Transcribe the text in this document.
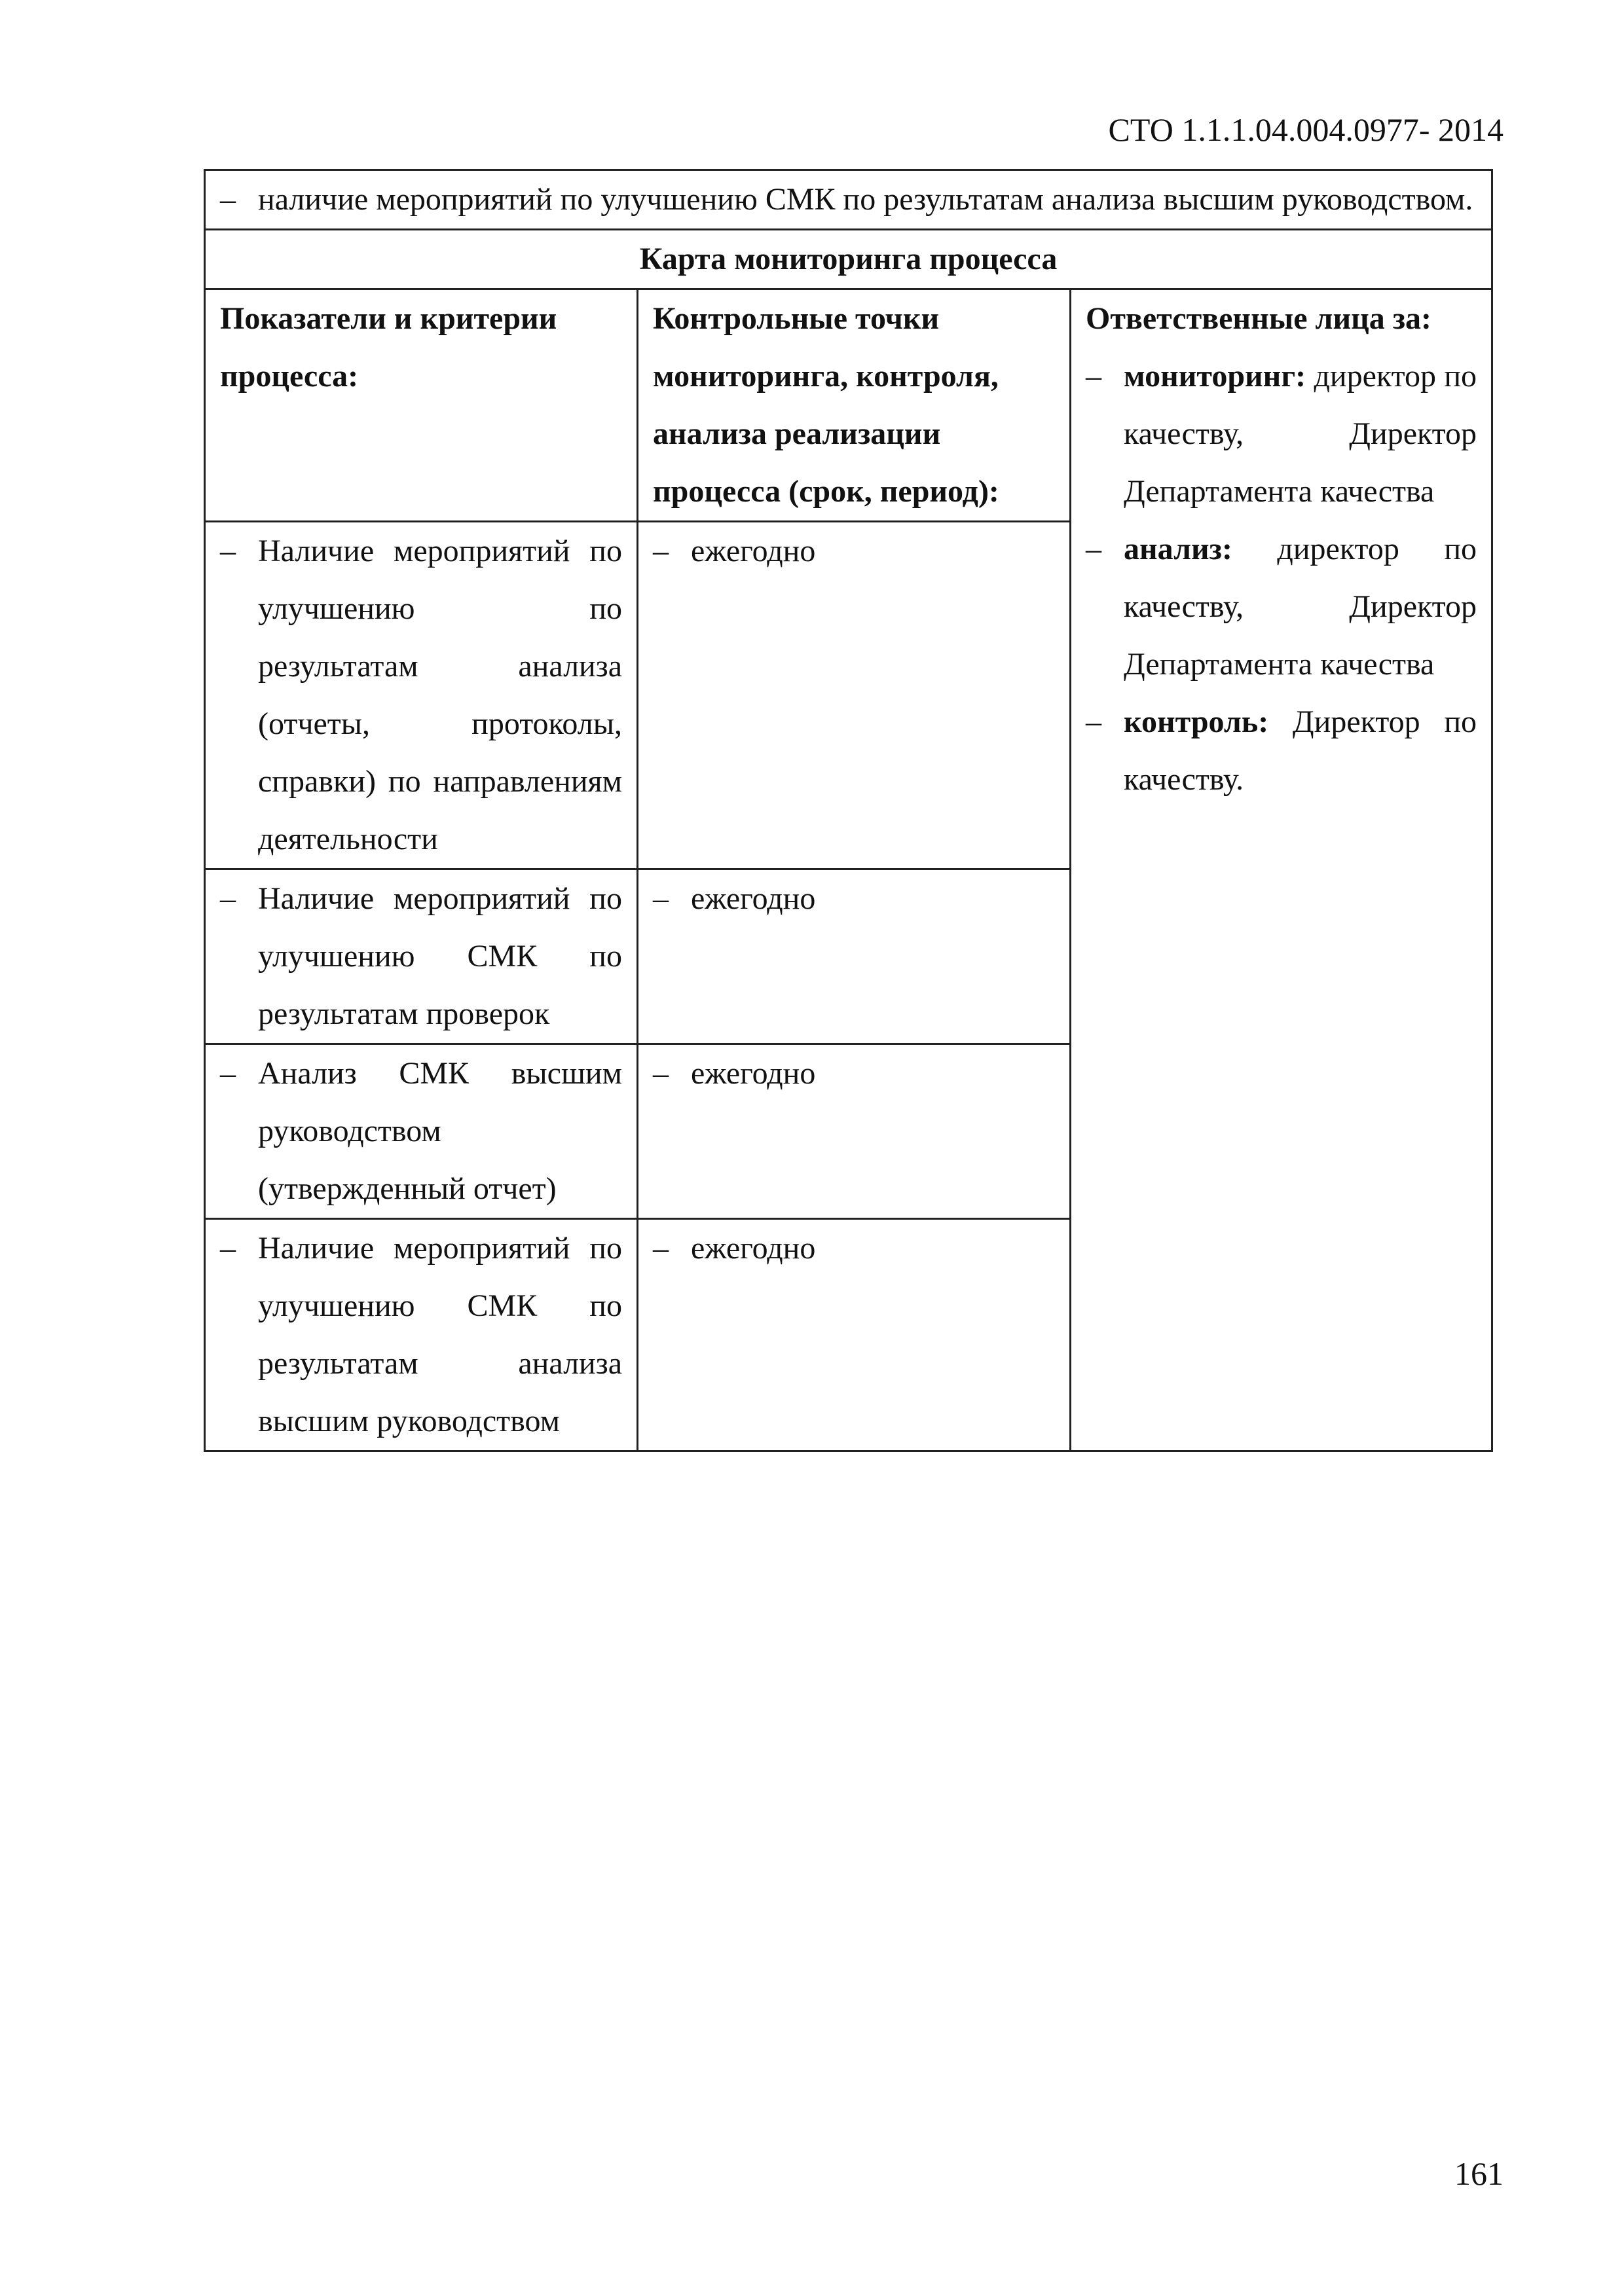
СТО 1.1.1.04.004.0977- 2014

– наличие мероприятий по улучшению СМК по результатам анализа высшим руководством.

Карта мониторинга процесса		
Показатели и критерии процесса:	Контрольные точки мониторинга, контроля, анализа реализации процесса (срок, период):	Ответственные лица за:

– мониторинг: директор по качеству, Директор Департамента качества

– анализ: директор по качеству, Директор Департамента качества

– контроль: Директор по качеству.

– Наличие мероприятий по улучшению по результатам анализа (отчеты, протоколы, справки) по направлениям деятельности	– ежегодно

– Наличие мероприятий по улучшению СМК по результатам проверок	– ежегодно

– Анализ СМК высшим руководством (утвержденный отчет)	– ежегодно

– Наличие мероприятий по улучшению СМК по результатам анализа высшим руководством	– ежегодно

161
